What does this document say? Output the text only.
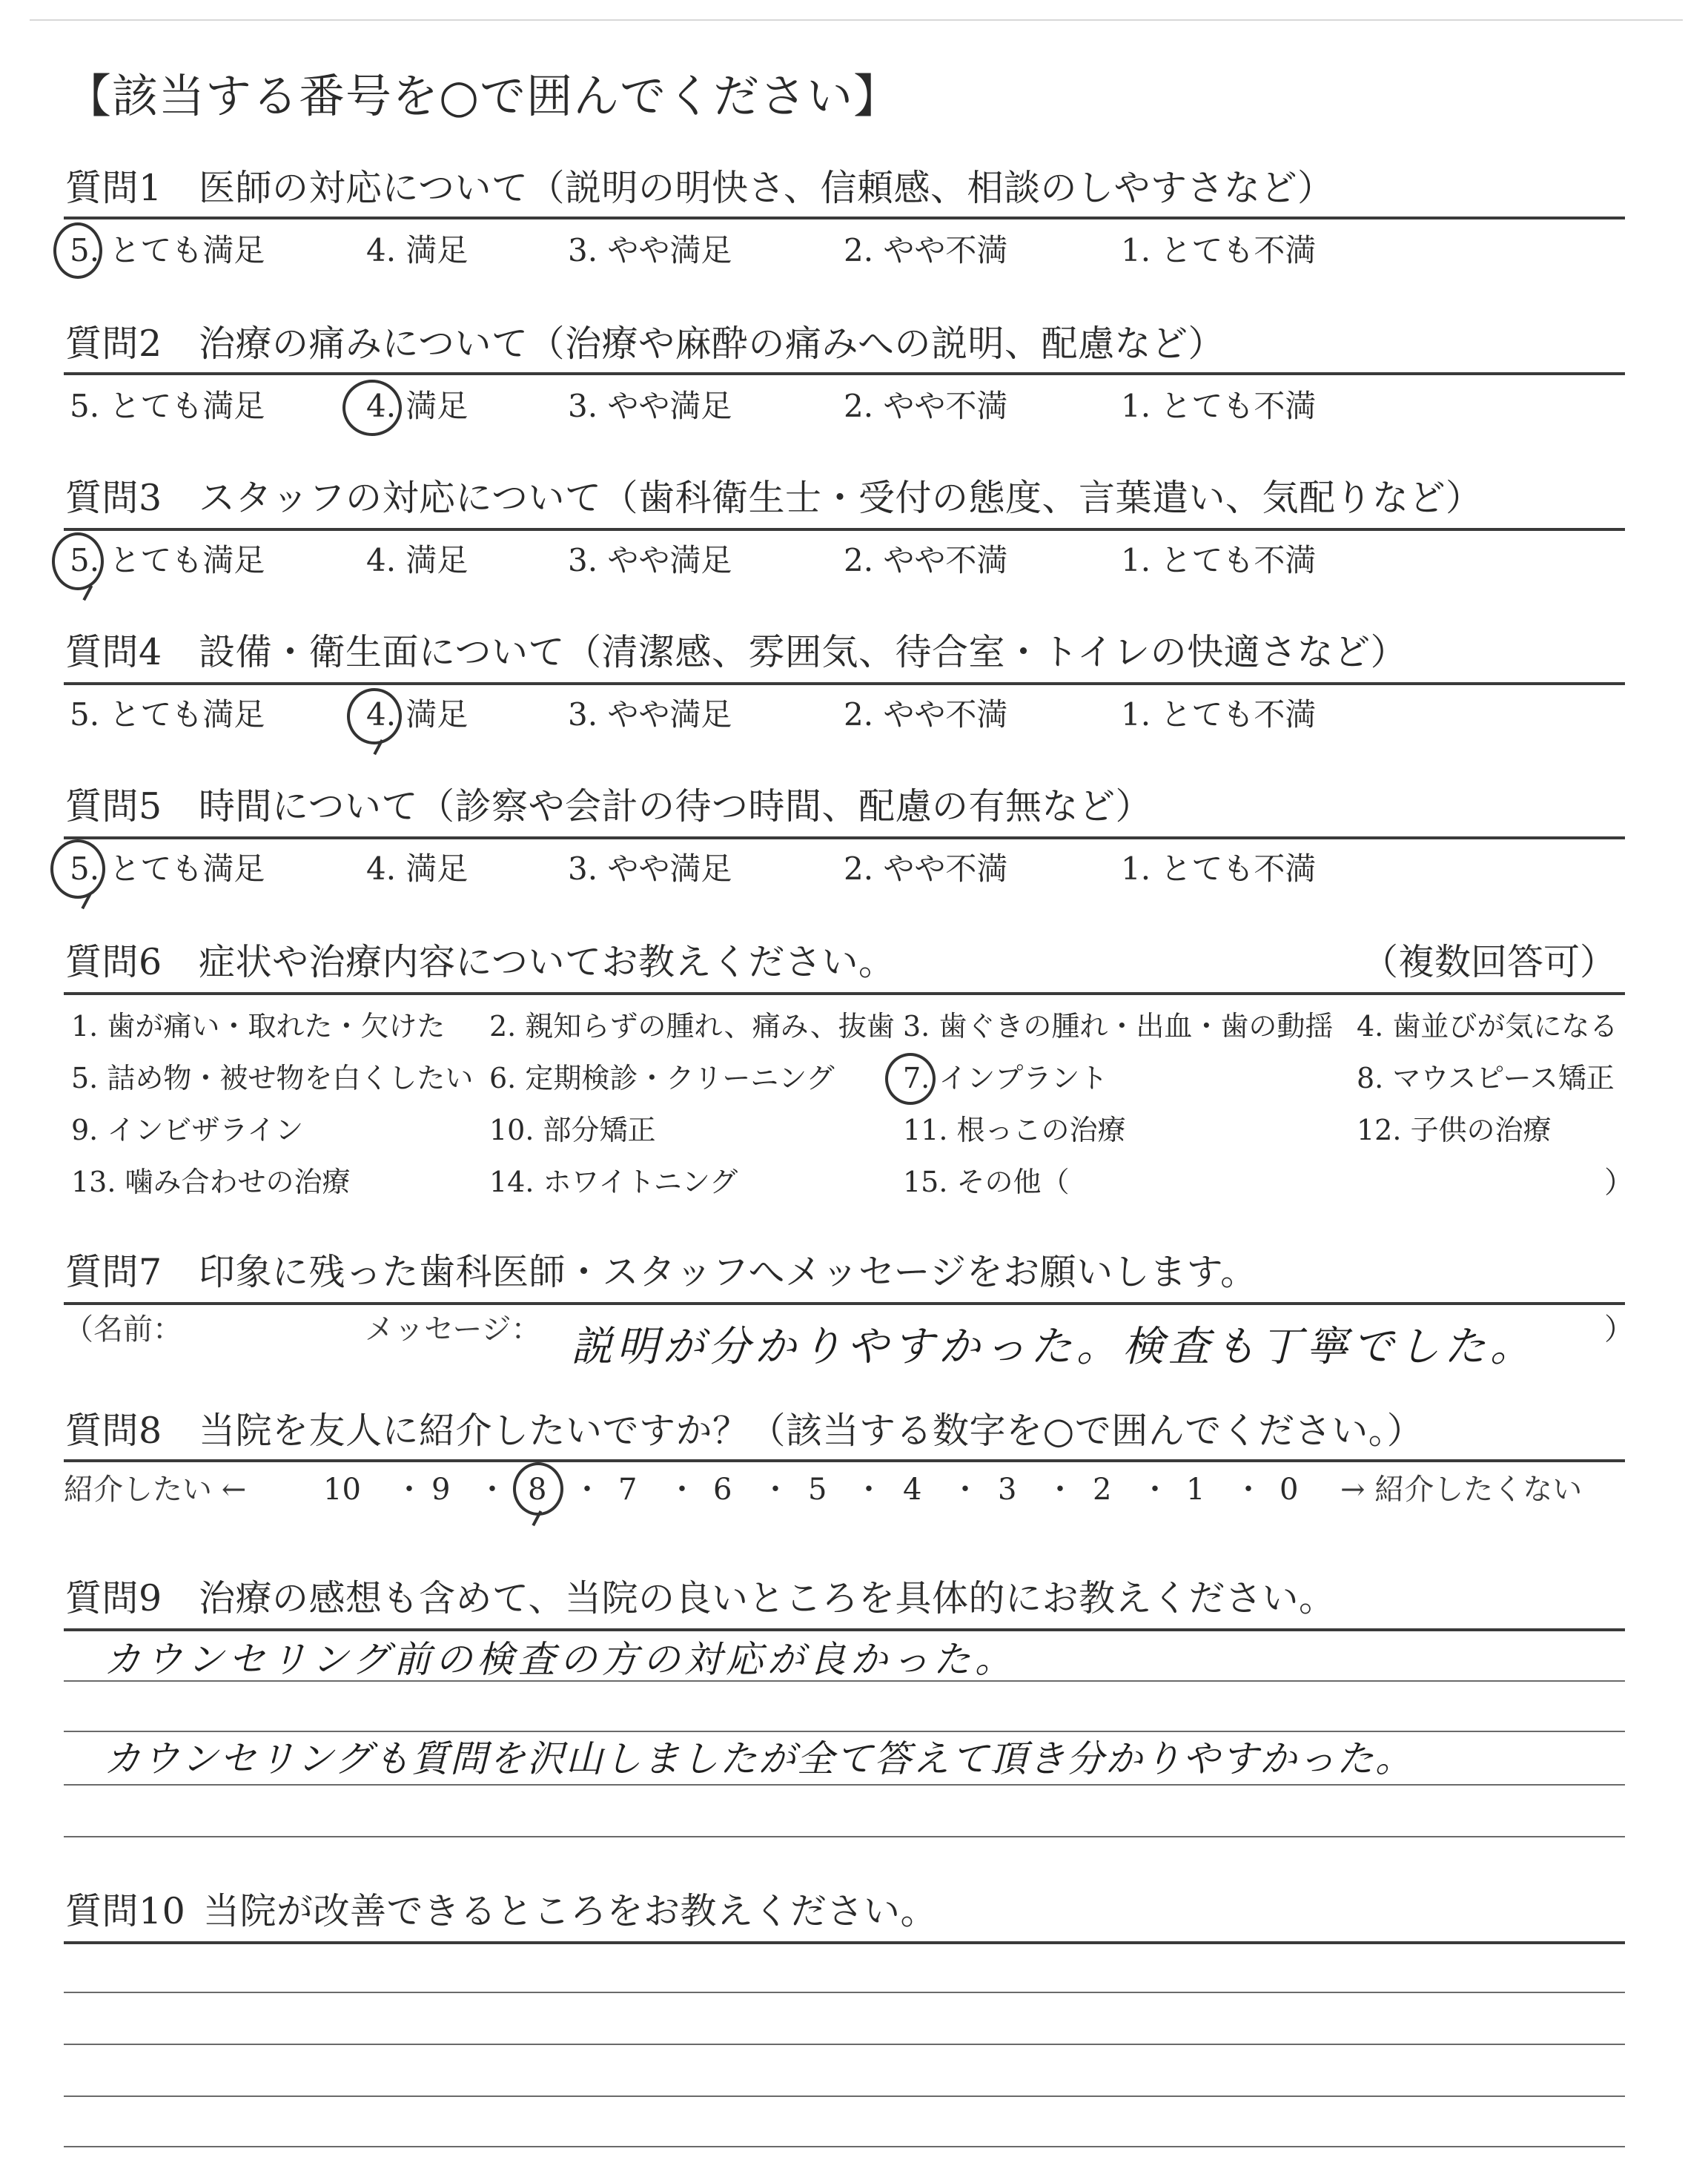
【該当する番号を○で囲んでください】
質問1 医師の対応について（説明の明快さ、信頼感、相談のしやすさなど）
5. とても満足	4. 満足	3. やや満足	2. やや不満	1. とても不満
質問2 治療の痛みについて（治療や麻酔の痛みへの説明、配慮など）
5. とても満足	4. 満足	3. やや満足	2. やや不満	1. とても不満
質問3 スタッフの対応について（歯科衛生士・受付の態度、言葉遣い、気配りなど）
5. とても満足	4. 満足	3. やや満足	2. やや不満	1. とても不満
質問4 設備・衛生面について（清潔感、雰囲気、待合室・トイレの快適さなど）
5. とても満足	4. 満足	3. やや満足	2. やや不満	1. とても不満
質問5 時間について（診察や会計の待つ時間、配慮の有無など）
5. とても満足	4. 満足	3. やや満足	2. やや不満	1. とても不満
質問6 症状や治療内容についてお教えください。	（複数回答可）
1. 歯が痛い・取れた・欠けた 2. 親知らずの腫れ、痛み、抜歯 3. 歯ぐきの腫れ・出血・歯の動揺 4. 歯並びが気になる
5. 詰め物・被せ物を白くしたい 6. 定期検診・クリーニング 7. インプラント	8. マウスピース矯正
9. インビザライン	10. 部分矯正	11. 根っこの治療	12. 子供の治療
13. 噛み合わせの治療	14. ホワイトニング	15. その他（	）
質問7 印象に残った歯科医師・スタッフへメッセージをお願いします。
（名前：	メッセージ： 説明が分かりやすかった。検査も丁寧でした。 ）
質問8 当院を友人に紹介したいですか？（該当する数字を○で囲んでください。）
紹介したい ←	10 ・ 9 ・ 8 ・ 7 ・ 6 ・ 5 ・ 4 ・ 3 ・ 2 ・ 1 ・ 0 → 紹介したくない
質問9 治療の感想も含めて、当院の良いところを具体的にお教えください。
カウンセリング前の検査の方の対応が良かった。
カウンセリングも質問を沢山しましたが全て答えて頂き分かりやすかった。
質問10 当院が改善できるところをお教えください。
